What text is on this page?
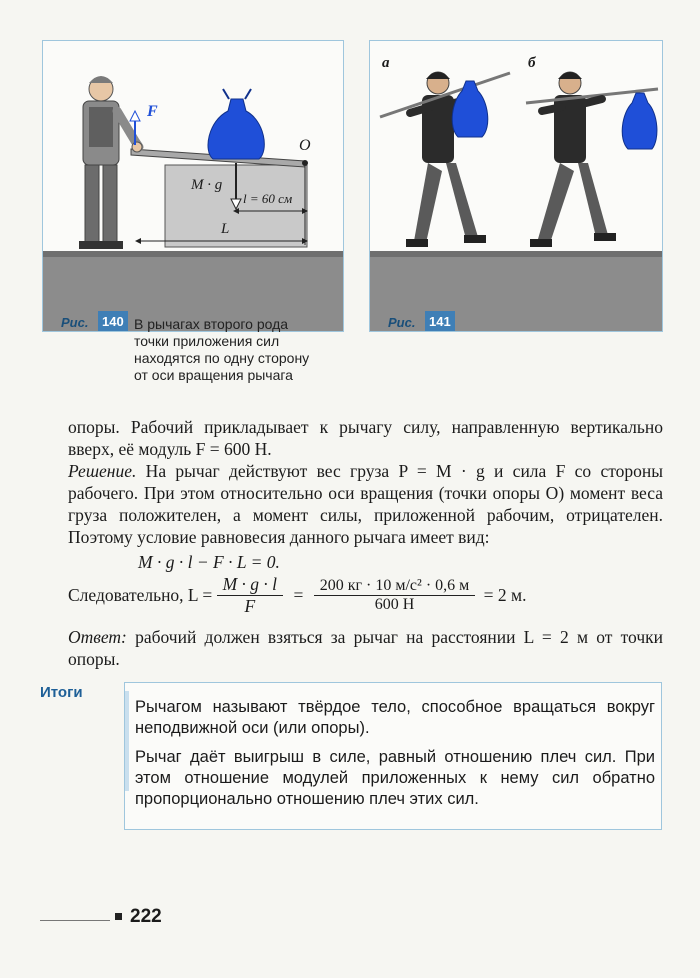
F
M · g
O
l = 60 см
L
Рис.	140 В рычагах второго рода
точки приложения сил
находятся по одну сторону
от оси вращения рычага
а	б
Рис.	141
опоры. Рабочий прикладывает к рычагу силу, направленную вертикально вверх, её модуль F = 600 Н.
Решение. На рычаг действуют вес груза P = M · g и сила F со стороны рабочего. При этом относительно оси вращения (точки опоры O) момент веса груза положителен, а момент силы, приложенной рабочим, отрицателен. Поэтому условие равновесия данного рычага имеет вид:
M · g · l − F · L = 0.
Следовательно, $L = \frac{M \cdot g \cdot l}{F} = \frac{\text{200 кг · 10 м/с² · 0,6 м}}{600 Н} = 2$ м.
Ответ: рабочий должен взяться за рычаг на расстоянии L = 2 м от точки опоры.
Итоги
Рычагом называют твёрдое тело, способное вращаться вокруг неподвижной оси (или опоры).
Рычаг даёт выигрыш в силе, равный отношению плеч сил. При этом отношение модулей приложенных к нему сил обратно пропорционально отношению плеч этих сил.
222
